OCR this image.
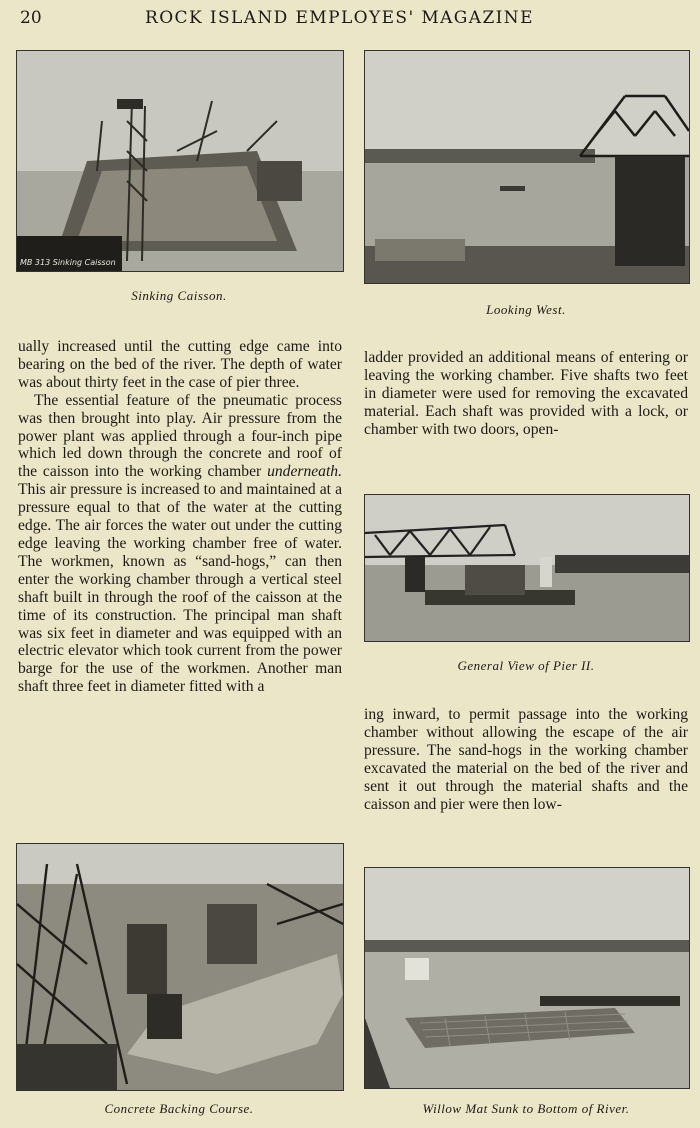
20	ROCK ISLAND EMPLOYES' MAGAZINE
MB 313 Sinking Caisson
Sinking Caisson.
Looking West.

ually increased until the cutting edge came into bearing on the bed of the river. The depth of water was about thirty feet in the case of pier three.

The essential feature of the pneumatic process was then brought into play. Air pressure from the power plant was applied through a four-inch pipe which led down through the concrete and roof of the caisson into the working chamber underneath. This air pressure is increased to and maintained at a pressure equal to that of the water at the cutting edge. The air forces the water out under the cutting edge leaving the working chamber free of water. The workmen, known as “sand-hogs,” can then enter the working chamber through a vertical steel shaft built in through the roof of the caisson at the time of its construction. The principal man shaft was six feet in diameter and was equipped with an electric elevator which took current from the power barge for the use of the workmen. Another man shaft three feet in diameter fitted with a

ladder provided an additional means of entering or leaving the working chamber. Five shafts two feet in diameter were used for removing the excavated material. Each shaft was provided with a lock, or chamber with two doors, open-

General View of Pier II.

ing inward, to permit passage into the working chamber without allowing the escape of the air pressure. The sand-hogs in the working chamber excavated the material on the bed of the river and sent it out through the material shafts and the caisson and pier were then low-

Concrete Backing Course.	Willow Mat Sunk to Bottom of River.
